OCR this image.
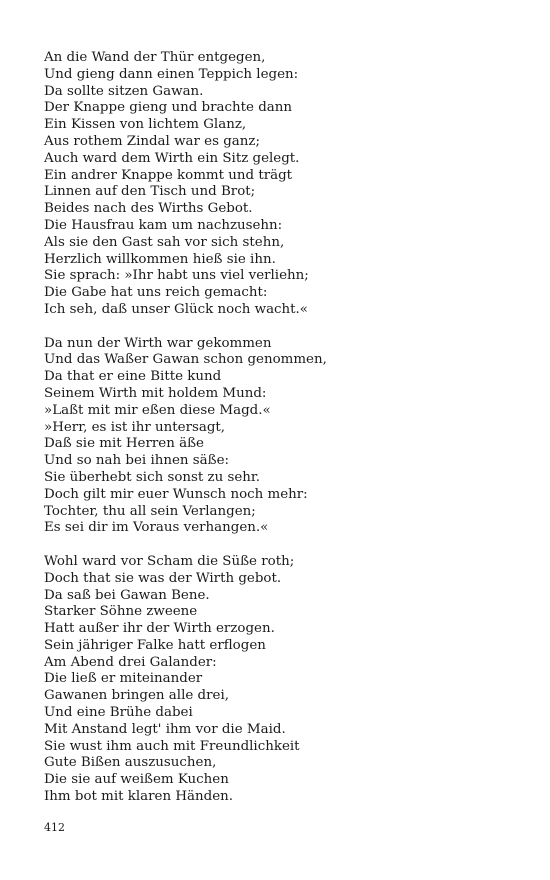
An die Wand der Thür entgegen,
Und gieng dann einen Teppich legen:
Da sollte sitzen Gawan.
Der Knappe gieng und brachte dann
Ein Kissen von lichtem Glanz,
Aus rothem Zindal war es ganz;
Auch ward dem Wirth ein Sitz gelegt.
Ein andrer Knappe kommt und trägt
Linnen auf den Tisch und Brot;
Beides nach des Wirths Gebot.
Die Hausfrau kam um nachzusehn:
Als sie den Gast sah vor sich stehn,
Herzlich willkommen hieß sie ihn.
Sie sprach: »Ihr habt uns viel verliehn;
Die Gabe hat uns reich gemacht:
Ich seh, daß unser Glück noch wacht.«
Da nun der Wirth war gekommen
Und das Waßer Gawan schon genommen,
Da that er eine Bitte kund
Seinem Wirth mit holdem Mund:
»Laßt mit mir eßen diese Magd.«
»Herr, es ist ihr untersagt,
Daß sie mit Herren äße
Und so nah bei ihnen säße:
Sie überhebt sich sonst zu sehr.
Doch gilt mir euer Wunsch noch mehr:
Tochter, thu all sein Verlangen;
Es sei dir im Voraus verhangen.«
Wohl ward vor Scham die Süße roth;
Doch that sie was der Wirth gebot.
Da saß bei Gawan Bene.
Starker Söhne zweene
Hatt außer ihr der Wirth erzogen.
Sein jähriger Falke hatt erflogen
Am Abend drei Galander:
Die ließ er miteinander
Gawanen bringen alle drei,
Und eine Brühe dabei
Mit Anstand legt' ihm vor die Maid.
Sie wust ihm auch mit Freundlichkeit
Gute Bißen auszusuchen,
Die sie auf weißem Kuchen
Ihm bot mit klaren Händen.
412
